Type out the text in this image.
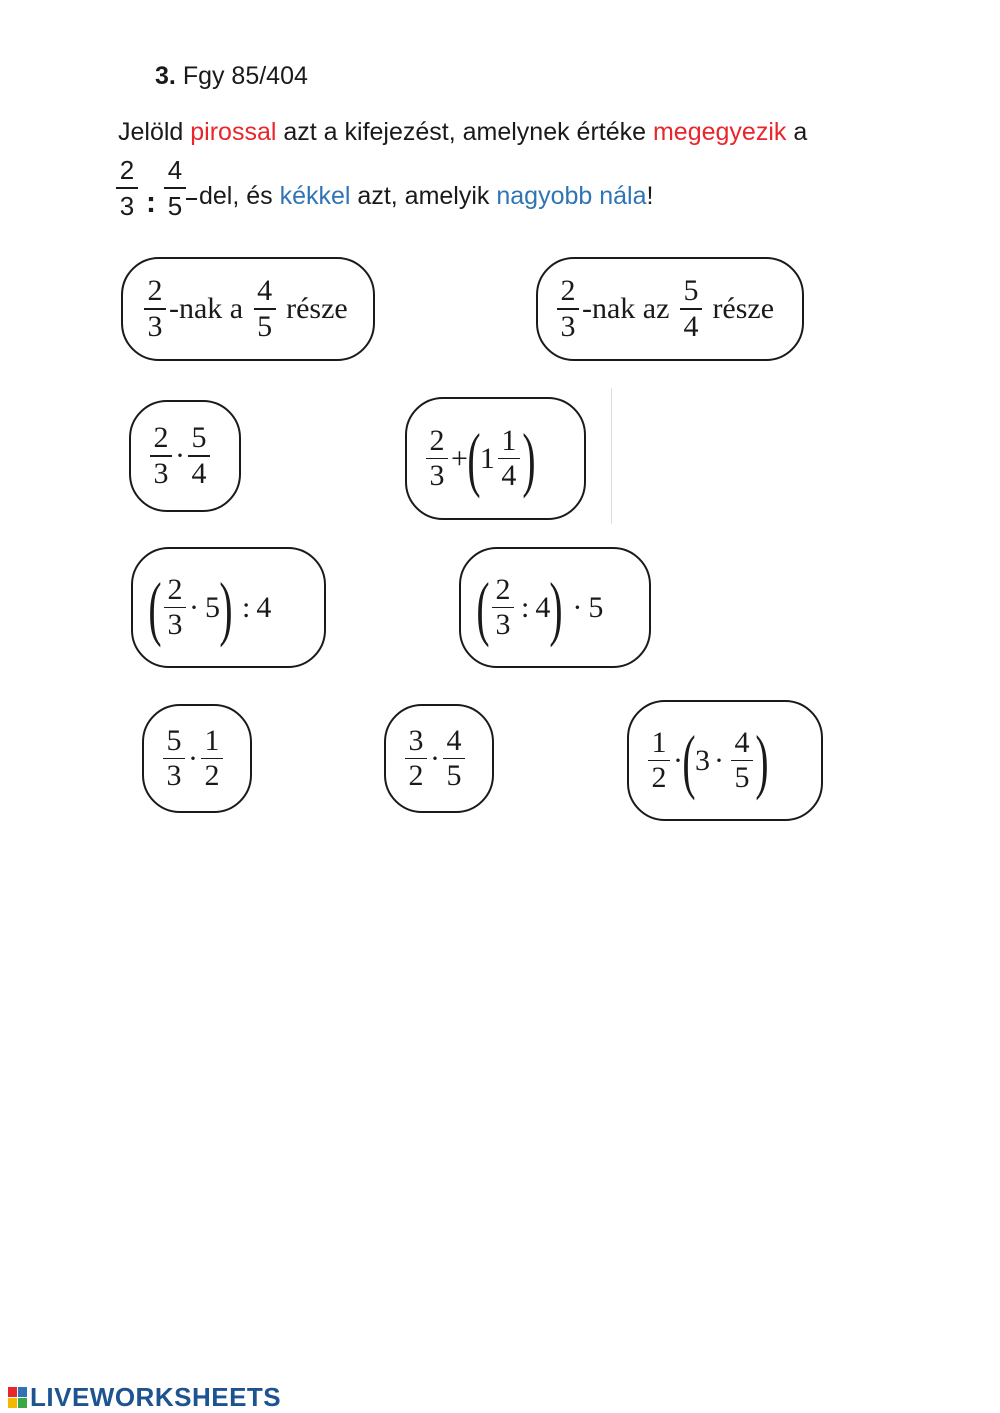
3. Fgy 85/404
Jelöld pirossal azt a kifejezést, amelynek értéke megegyezik a
2
3 :
4
5 del, és kékkel azt, amelyik nagyobb nála!
2
3
-nak a
4
5
része
2
3
-nak az
5
4
része
2
3
·
5
4
2
3
+ ( 1
1
4 )
( 2
3
· 5 ) : 4	( 2
3
: 4 ) · 5
5
3
·
1
2
3
2
·
4
5
1
2
· ( 3 ·
4
5 )
LIVEWORKSHEETS
